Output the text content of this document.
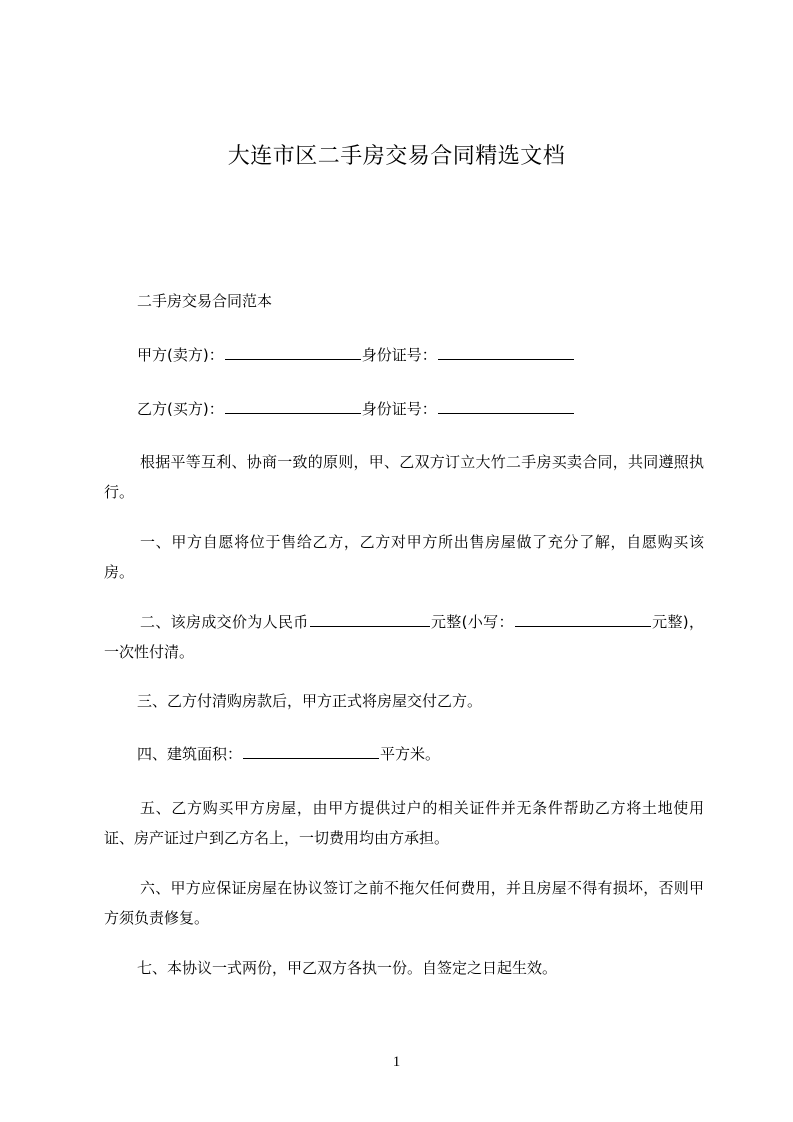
大连市区二手房交易合同精选文档
二手房交易合同范本
甲方(卖方)：	身份证号：
乙方(买方)：	身份证号：
根据平等互利、协商一致的原则，甲、乙双方订立大竹二手房买卖合同，共同遵照执行。
一、甲方自愿将位于售给乙方，乙方对甲方所出售房屋做了充分了解，自愿购买该房。
二、该房成交价为人民币	元整(小写：	元整)，一次性付清。
三、乙方付清购房款后，甲方正式将房屋交付乙方。
四、建筑面积：	平方米。
五、乙方购买甲方房屋，由甲方提供过户的相关证件并无条件帮助乙方将土地使用证、房产证过户到乙方名上，一切费用均由方承担。
六、甲方应保证房屋在协议签订之前不拖欠任何费用，并且房屋不得有损坏，否则甲方须负责修复。
七、本协议一式两份，甲乙双方各执一份。自签定之日起生效。
1
